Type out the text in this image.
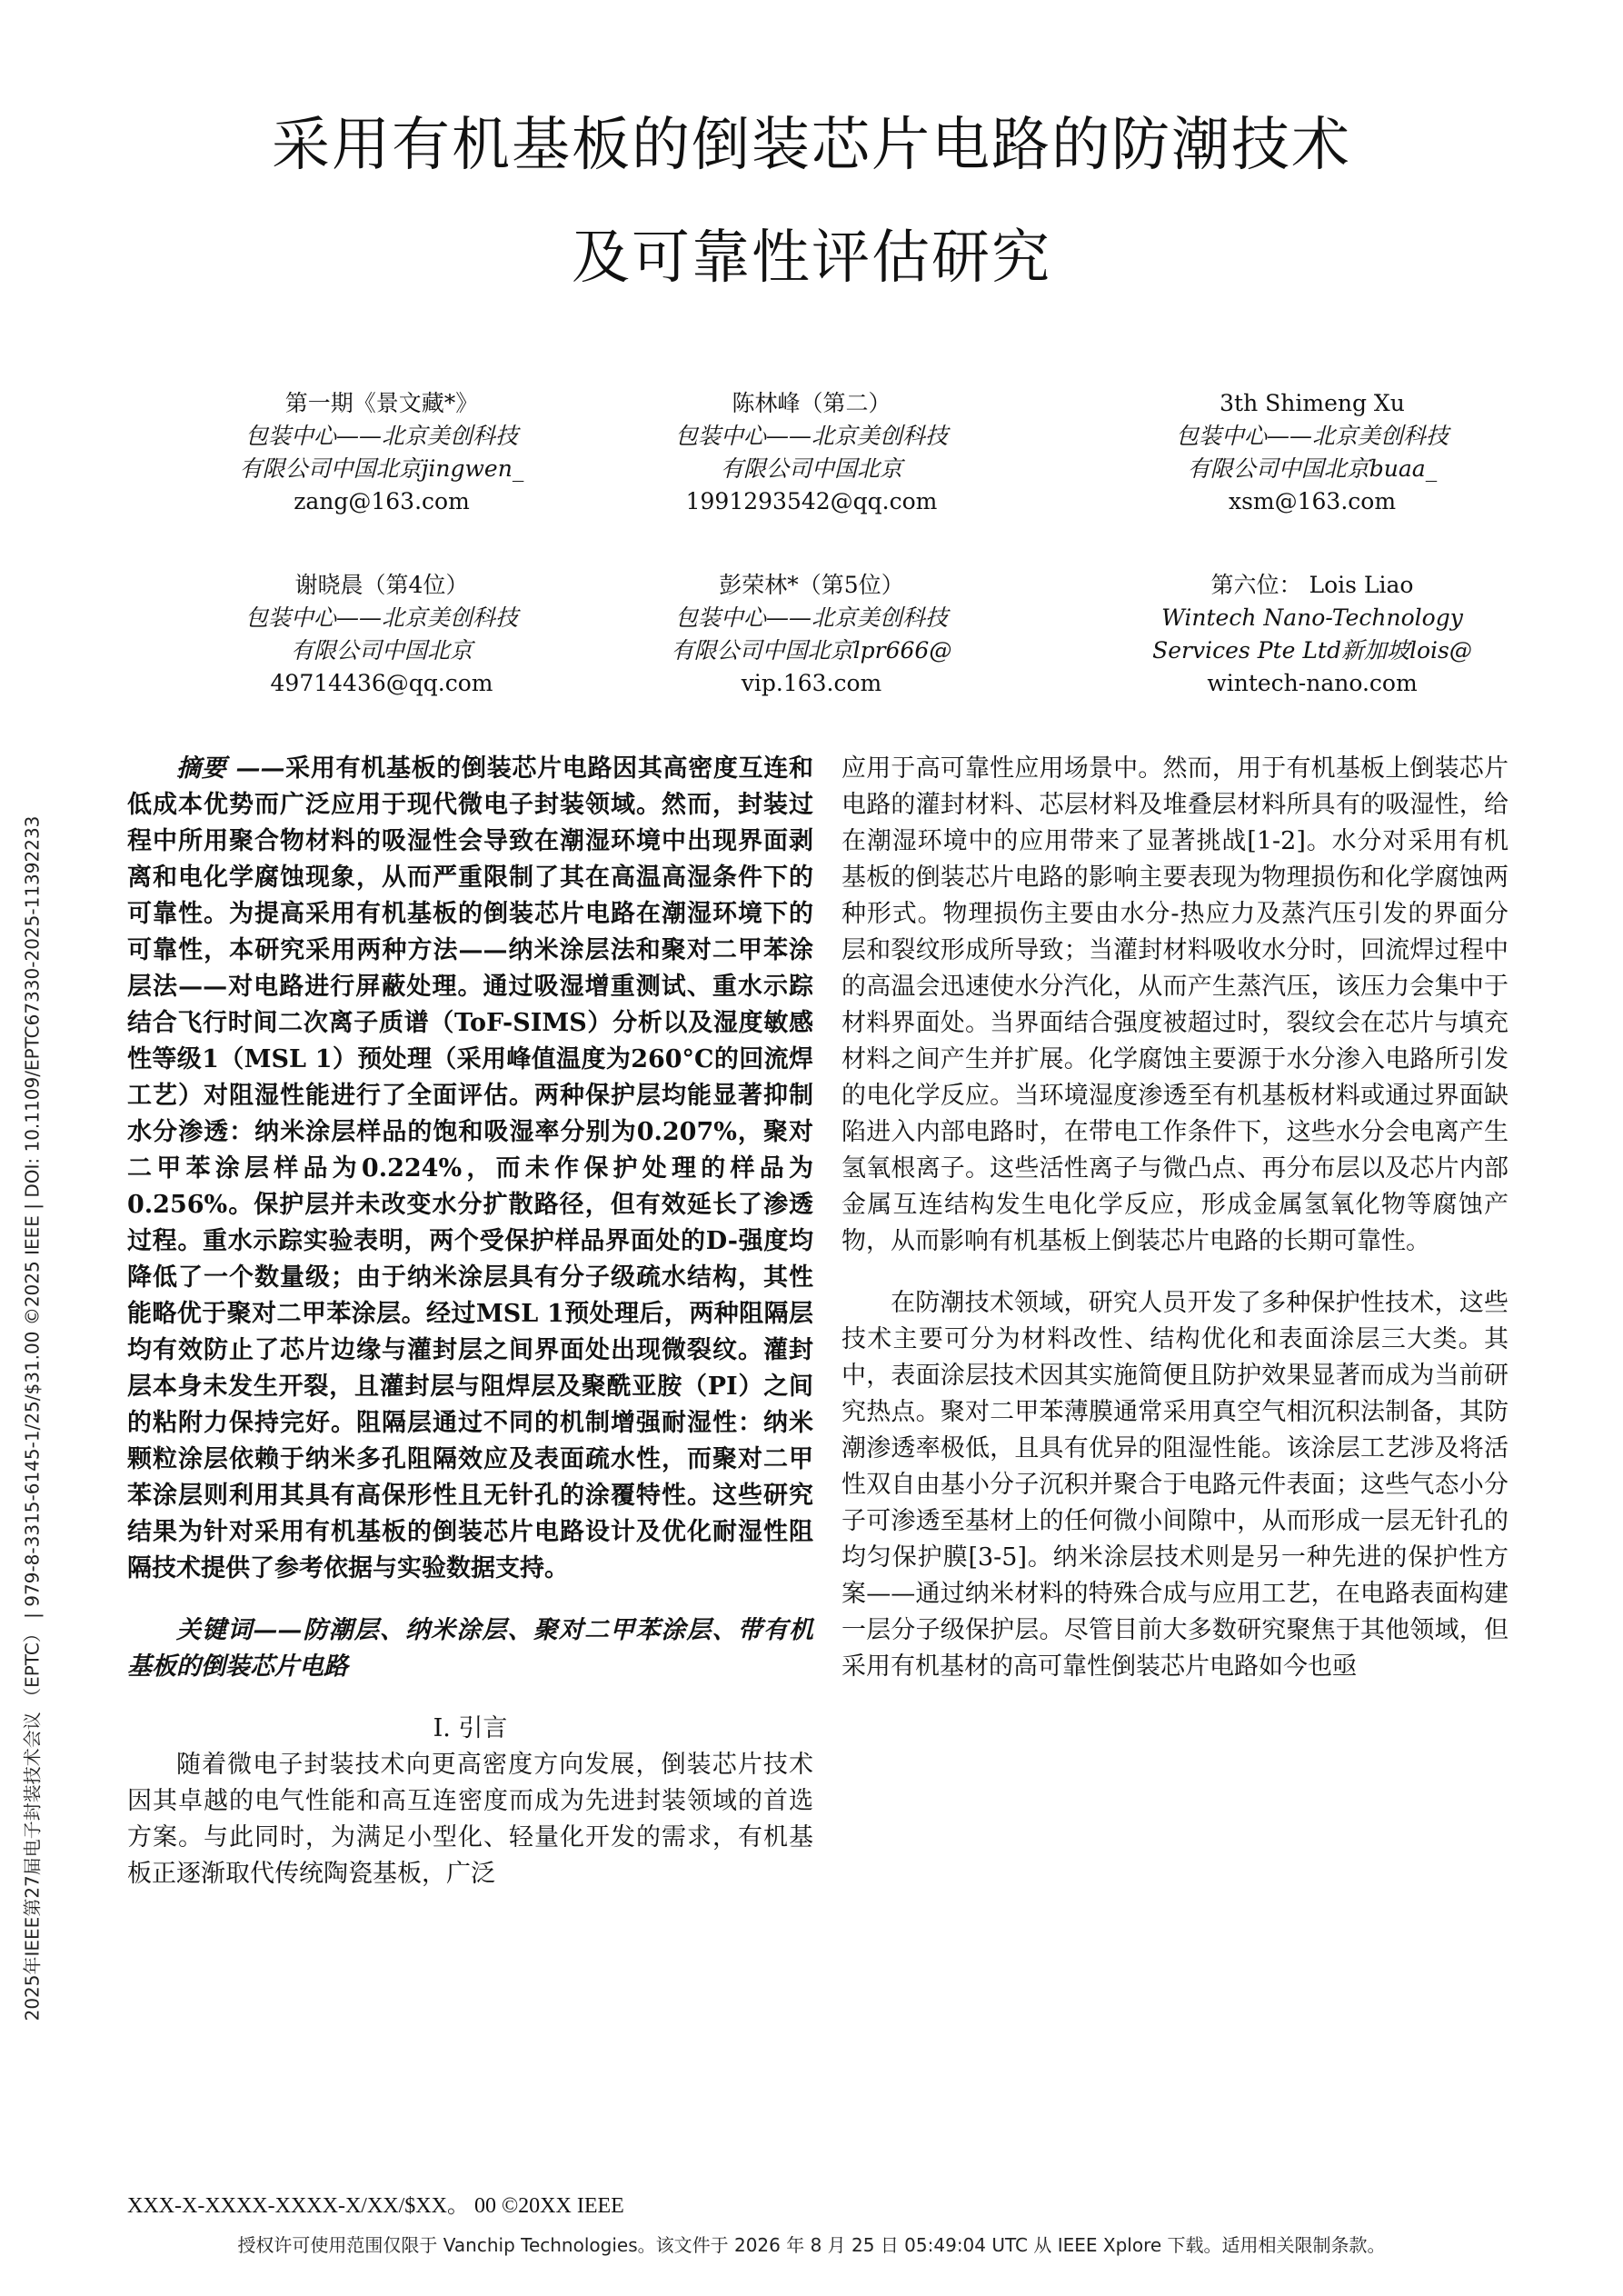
2025年IEEE第27届电子封装技术会议 （EPTC） | 979-8-3315-6145-1/25/$31.00 ©2025 IEEE | DOI: 10.1109/EPTC67330-2025-11392233
采用有机基板的倒装芯片电路的防潮技术
及可靠性评估研究
第一期《景文藏*》
包装中心——北京美创科技
有限公司中国北京jingwen_
zang@163.com
陈林峰（第二）
包装中心——北京美创科技
有限公司中国北京
1991293542@qq.com
3th Shimeng Xu
包装中心——北京美创科技
有限公司中国北京buaa_
xsm@163.com
谢晓晨（第4位）
包装中心——北京美创科技
有限公司中国北京
49714436@qq.com
彭荣林*（第5位）
包装中心——北京美创科技
有限公司中国北京lpr666@
vip.163.com
第六位： Lois Liao
Wintech Nano-Technology
Services Pte Ltd新加坡lois@
wintech-nano.com

摘要 ——采用有机基板的倒装芯片电路因其高密度互连和低成本优势而广泛应用于现代微电子封装领域。然而，封装过程中所用聚合物材料的吸湿性会导致在潮湿环境中出现界面剥离和电化学腐蚀现象，从而严重限制了其在高温高湿条件下的可靠性。为提高采用有机基板的倒装芯片电路在潮湿环境下的可靠性，本研究采用两种方法——纳米涂层法和聚对二甲苯涂层法——对电路进行屏蔽处理。通过吸湿增重测试、重水示踪结合飞行时间二次离子质谱（ToF-SIMS）分析以及湿度敏感性等级1（MSL 1）预处理（采用峰值温度为260°C的回流焊工艺）对阻湿性能进行了全面评估。两种保护层均能显著抑制水分渗透：纳米涂层样品的饱和吸湿率分别为0.207%，聚对二甲苯涂层样品为0.224%，而未作保护处理的样品为0.256%。保护层并未改变水分扩散路径，但有效延长了渗透过程。重水示踪实验表明，两个受保护样品界面处的D-强度均降低了一个数量级；由于纳米涂层具有分子级疏水结构，其性能略优于聚对二甲苯涂层。经过MSL 1预处理后，两种阻隔层均有效防止了芯片边缘与灌封层之间界面处出现微裂纹。灌封层本身未发生开裂，且灌封层与阻焊层及聚酰亚胺（PI）之间的粘附力保持完好。阻隔层通过不同的机制增强耐湿性：纳米颗粒涂层依赖于纳米多孔阻隔效应及表面疏水性，而聚对二甲苯涂层则利用其具有高保形性且无针孔的涂覆特性。这些研究结果为针对采用有机基板的倒装芯片电路设计及优化耐湿性阻隔技术提供了参考依据与实验数据支持。

关键词——防潮层、纳米涂层、聚对二甲苯涂层、带有机基板的倒装芯片电路

I. 引言

随着微电子封装技术向更高密度方向发展，倒装芯片技术因其卓越的电气性能和高互连密度而成为先进封装领域的首选方案。与此同时，为满足小型化、轻量化开发的需求，有机基板正逐渐取代传统陶瓷基板，广泛

应用于高可靠性应用场景中。然而，用于有机基板上倒装芯片电路的灌封材料、芯层材料及堆叠层材料所具有的吸湿性，给在潮湿环境中的应用带来了显著挑战[1-2]。水分对采用有机基板的倒装芯片电路的影响主要表现为物理损伤和化学腐蚀两种形式。物理损伤主要由水分-热应力及蒸汽压引发的界面分层和裂纹形成所导致；当灌封材料吸收水分时，回流焊过程中的高温会迅速使水分汽化，从而产生蒸汽压，该压力会集中于材料界面处。当界面结合强度被超过时，裂纹会在芯片与填充材料之间产生并扩展。化学腐蚀主要源于水分渗入电路所引发的电化学反应。当环境湿度渗透至有机基板材料或通过界面缺陷进入内部电路时，在带电工作条件下，这些水分会电离产生氢氧根离子。这些活性离子与微凸点、再分布层以及芯片内部金属互连结构发生电化学反应，形成金属氢氧化物等腐蚀产物，从而影响有机基板上倒装芯片电路的长期可靠性。

在防潮技术领域，研究人员开发了多种保护性技术，这些技术主要可分为材料改性、结构优化和表面涂层三大类。其中，表面涂层技术因其实施简便且防护效果显著而成为当前研究热点。聚对二甲苯薄膜通常采用真空气相沉积法制备，其防潮渗透率极低，且具有优异的阻湿性能。该涂层工艺涉及将活性双自由基小分子沉积并聚合于电路元件表面；这些气态小分子可渗透至基材上的任何微小间隙中，从而形成一层无针孔的均匀保护膜[3-5]。纳米涂层技术则是另一种先进的保护性方案——通过纳米材料的特殊合成与应用工艺，在电路表面构建一层分子级保护层。尽管目前大多数研究聚焦于其他领域，但采用有机基材的高可靠性倒装芯片电路如今也亟

XXX-X-XXXX-XXXX-X/XX/$XX。 00 ©20XX IEEE
授权许可使用范围仅限于 Vanchip Technologies。该文件于 2026 年 8 月 25 日 05:49:04 UTC 从 IEEE Xplore 下载。适用相关限制条款。
